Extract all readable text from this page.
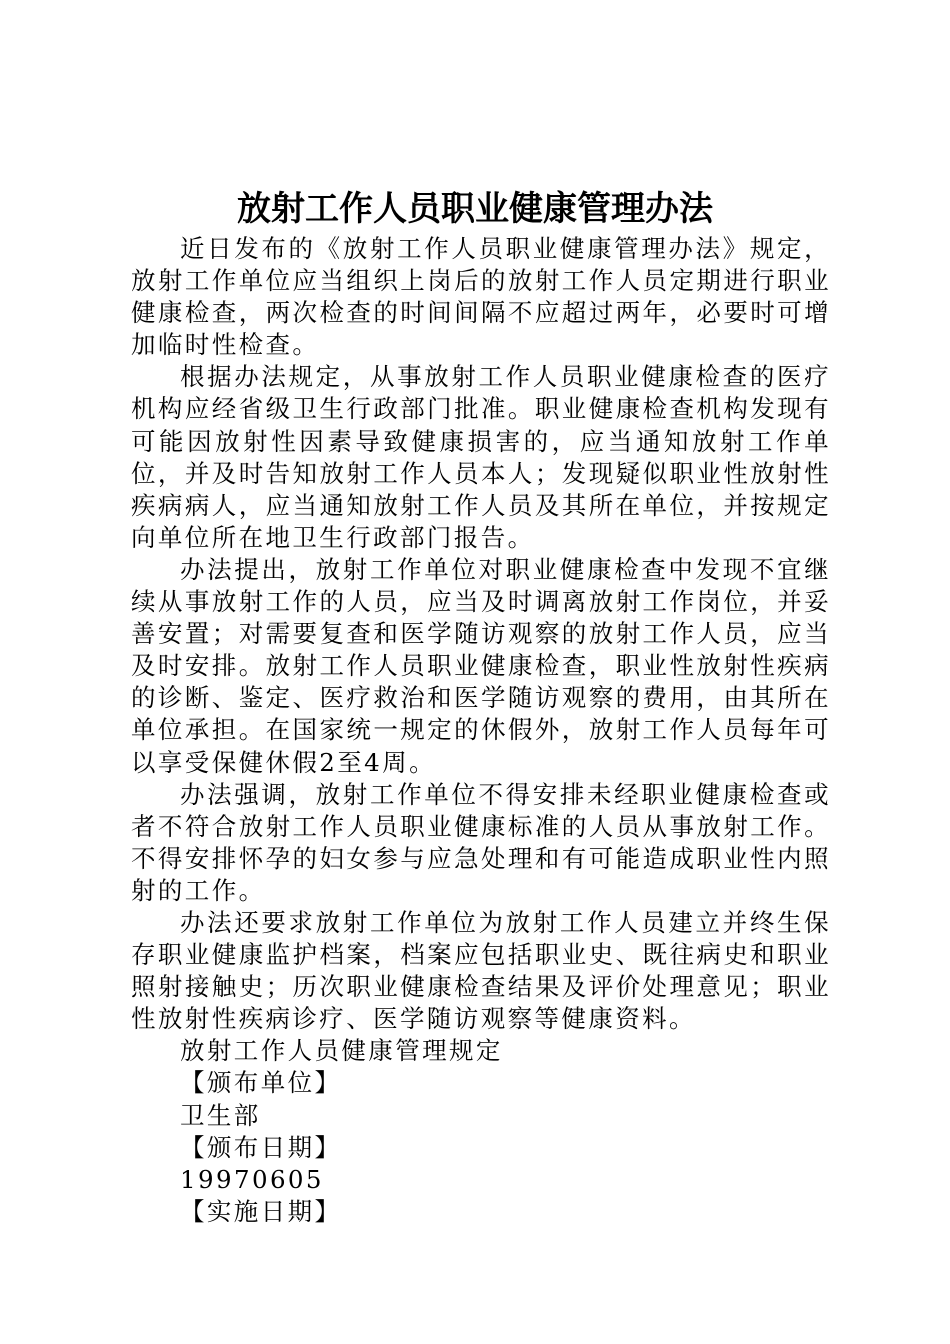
放射工作人员职业健康管理办法

近日发布的《放射工作人员职业健康管理办法》规定，放射工作单位应当组织上岗后的放射工作人员定期进行职业健康检查，两次检查的时间间隔不应超过两年，必要时可增加临时性检查。

根据办法规定，从事放射工作人员职业健康检查的医疗机构应经省级卫生行政部门批准。职业健康检查机构发现有可能因放射性因素导致健康损害的，应当通知放射工作单位，并及时告知放射工作人员本人；发现疑似职业性放射性疾病病人，应当通知放射工作人员及其所在单位，并按规定向单位所在地卫生行政部门报告。

办法提出，放射工作单位对职业健康检查中发现不宜继续从事放射工作的人员，应当及时调离放射工作岗位，并妥善安置；对需要复查和医学随访观察的放射工作人员，应当及时安排。放射工作人员职业健康检查，职业性放射性疾病的诊断、鉴定、医疗救治和医学随访观察的费用，由其所在单位承担。在国家统一规定的休假外，放射工作人员每年可以享受保健休假2至4周。

办法强调，放射工作单位不得安排未经职业健康检查或者不符合放射工作人员职业健康标准的人员从事放射工作。不得安排怀孕的妇女参与应急处理和有可能造成职业性内照射的工作。

办法还要求放射工作单位为放射工作人员建立并终生保存职业健康监护档案，档案应包括职业史、既往病史和职业照射接触史；历次职业健康检查结果及评价处理意见；职业性放射性疾病诊疗、医学随访观察等健康资料。

放射工作人员健康管理规定

【颁布单位】

卫生部

【颁布日期】

19970605

【实施日期】
